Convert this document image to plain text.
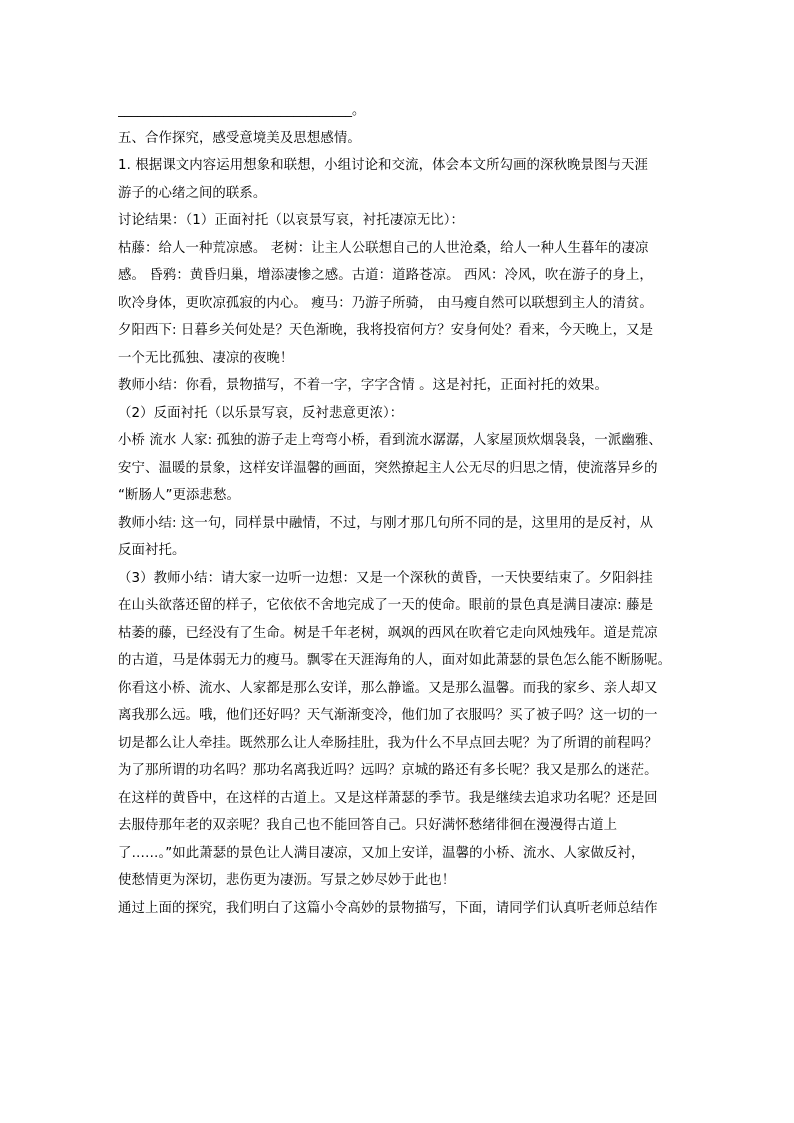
____________________________________。
五、合作探究，感受意境美及思想感情。
1. 根据课文内容运用想象和联想，小组讨论和交流，体会本文所勾画的深秋晚景图与天涯
游子的心绪之间的联系。
讨论结果：（1）正面衬托（以哀景写哀，衬托凄凉无比）：
枯藤：给人一种荒凉感。 老树：让主人公联想自己的人世沧桑，给人一种人生暮年的凄凉
感。 昏鸦：黄昏归巢，增添凄惨之感。古道：道路苍凉。 西风：冷风，吹在游子的身上，
吹冷身体，更吹凉孤寂的内心。 瘦马：乃游子所骑， 由马瘦自然可以联想到主人的清贫。
夕阳西下: 日暮乡关何处是？天色渐晚，我将投宿何方？安身何处？看来，今天晚上，又是
一个无比孤独、凄凉的夜晚！
教师小结：你看，景物描写，不着一字，字字含情 。这是衬托，正面衬托的效果。
（2）反面衬托（以乐景写哀，反衬悲意更浓）：
小桥 流水 人家: 孤独的游子走上弯弯小桥，看到流水潺潺，人家屋顶炊烟袅袅，一派幽雅、
安宁、温暖的景象，这样安详温馨的画面，突然撩起主人公无尽的归思之情，使流落异乡的
“断肠人”更添悲愁。
教师小结: 这一句，同样景中融情，不过，与刚才那几句所不同的是，这里用的是反衬，从
反面衬托。
（3）教师小结：请大家一边听一边想：又是一个深秋的黄昏，一天快要结束了。夕阳斜挂
在山头欲落还留的样子，它依依不舍地完成了一天的使命。眼前的景色真是满目凄凉: 藤是
枯萎的藤，已经没有了生命。树是千年老树，飒飒的西风在吹着它走向风烛残年。道是荒凉
的古道，马是体弱无力的瘦马。飘零在天涯海角的人，面对如此萧瑟的景色怎么能不断肠呢。
你看这小桥、流水、人家都是那么安详，那么静谧。又是那么温馨。而我的家乡、亲人却又
离我那么远。哦，他们还好吗？天气渐渐变冷，他们加了衣服吗？买了被子吗？这一切的一
切是都么让人牵挂。既然那么让人牵肠挂肚，我为什么不早点回去呢？为了所谓的前程吗？
为了那所谓的功名吗？那功名离我近吗？远吗？京城的路还有多长呢？我又是那么的迷茫。
在这样的黄昏中，在这样的古道上。又是这样萧瑟的季节。我是继续去追求功名呢？还是回
去服侍那年老的双亲呢？我自己也不能回答自己。只好满怀愁绪徘徊在漫漫得古道上
了……。”如此萧瑟的景色让人满目凄凉，又加上安详，温馨的小桥、流水、人家做反衬，
使愁情更为深切，悲伤更为凄沥。写景之妙尽妙于此也！
通过上面的探究，我们明白了这篇小令高妙的景物描写，下面，请同学们认真听老师总结作
